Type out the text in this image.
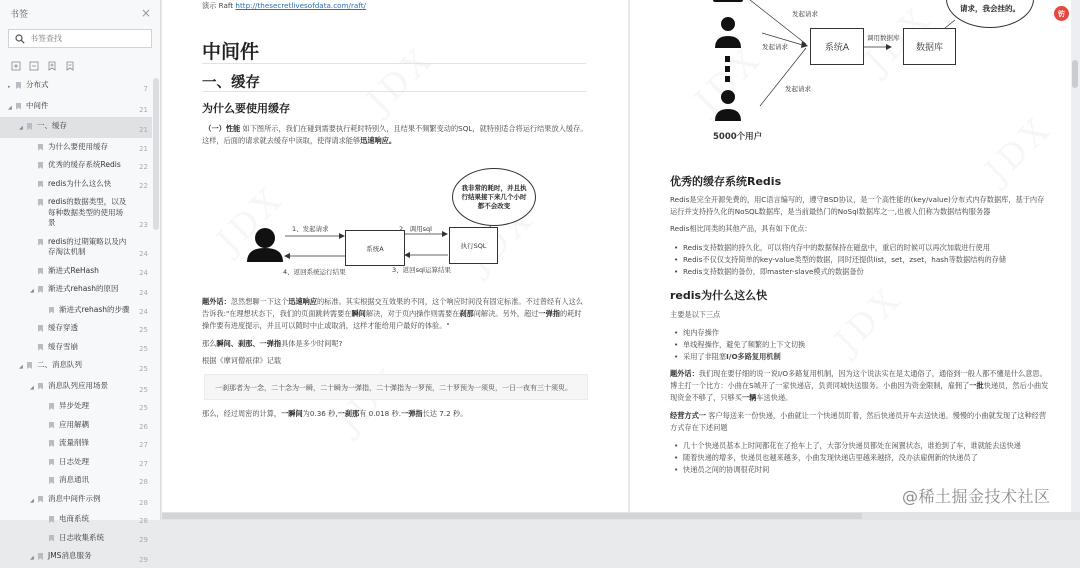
书签	×
书签查找
▸	分布式	7
◢ 中间件	21
◢ 一、缓存	21
为什么要使用缓存	21
优秀的缓存系统Redis	22
redis为什么这么快	22
redis的数据类型，以及每种数据类型的使用场景	23
redis的过期策略以及内存淘汰机制	24
渐进式ReHash	24
◢ 渐进式rehash的原因	24
渐进式rehash的步骤 24
缓存穿透	25
缓存雪崩	25
◢ 二、消息队列	25
◢ 消息队列应用场景	25
异步处理	25
应用解耦	26
流量削锋	27
日志处理	27
消息通讯	28
◢ 消息中间件示例	28
电商系统	28
日志收集系统	29
◢ JMS消息服务	29
演示 Raft http://thesecretlivesofdata.com/raft/
中间件
一、缓存
为什么要使用缓存
（一）性能 如下图所示，我们在碰到需要执行耗时特别久，且结果不频繁变动的SQL，就特别适合将运行结果放入缓存。这样，后面的请求就去缓存中读取，使得请求能够迅速响应。
系统A	执行SQL
我非常的耗时，并且执行结果接下来几个小时都不会改变
1、发起请求	2、调用sql
3、返回sql运算结果
4、返回系统运行结果
题外话：忽然想聊一下这个迅速响应的标准。其实根据交互效果的不同，这个响应时间没有固定标准。不过曾经有人这么告诉我:"在理想状态下，我们的页面跳转需要在瞬间解决，对于页内操作则需要在刹那间解决。另外，超过一弹指的耗时操作要有进度提示，并且可以随时中止或取消，这样才能给用户最好的体验。"
那么瞬间、刹那、一弹指具体是多少时间呢?
根据《摩诃僧祇律》记载
一刹那者为一念，二十念为一瞬，二十瞬为一弹指，二十弹指为一罗预，二十罗预为一须臾，一日一夜有三十须臾。
那么，经过周密的计算，一瞬间为0.36 秒,一刹那有 0.018 秒.一弹指长达 7.2 秒。
系统A	数据库
请求，我会挂的。
发起请求
发起请求
发起请求
调用数据库
5000个用户
优秀的缓存系统Redis
Redis是完全开源免费的，用C语言编写的，遵守BSD协议，是一个高性能的(key/value)分布式内存数据库，基于内存运行并支持持久化的NoSQL数据库，是当前最热门的NoSql数据库之一,也被人们称为数据结构服务器
Redis相比同类的其他产品，具有如下优点：
• Redis支持数据的持久化，可以将内存中的数据保持在磁盘中，重启的时候可以再次加载进行使用
• Redis不仅仅支持简单的key-value类型的数据，同时还提供list，set，zset，hash等数据结构的存储
• Redis支持数据的备份，即master-slave模式的数据备份
redis为什么这么快
主要是以下三点
• 纯内存操作
• 单线程操作，避免了频繁的上下文切换
• 采用了非阻塞I/O多路复用机制
题外话：我们现在要仔细的说一说I/O多路复用机制，因为这个说法实在是太通俗了，通俗到一般人都不懂是什么意思。博主打一个比方：小曲在S城开了一家快递店，负责同城快送服务。小曲因为资金限制，雇佣了一批快递员，然后小曲发现资金不够了，只够买一辆车送快递。
经营方式一 客户每送来一份快递，小曲就让一个快递员盯着，然后快递员开车去送快递。慢慢的小曲就发现了这种经营方式存在下述问题
• 几十个快递员基本上时间都花在了抢车上了，大部分快递员都处在闲置状态，谁抢到了车，谁就能去送快递
• 随着快递的增多，快递员也越来越多，小曲发现快递店里越来越挤，没办法雇佣新的快递员了
• 快递员之间的协调很花时间
钫
@稀土掘金技术社区
